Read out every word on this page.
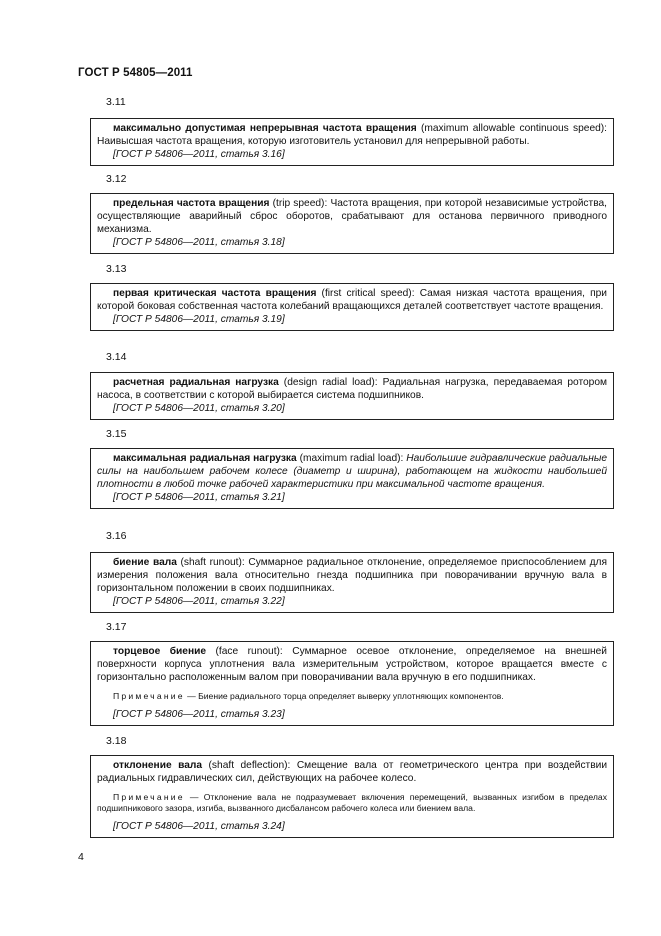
ГОСТ Р 54805—2011
3.11

максимально допустимая непрерывная частота вращения (maximum allowable continuous speed): Наивысшая частота вращения, которую изготовитель установил для непрерывной работы.

[ГОСТ Р 54806—2011, статья 3.16]

3.12

предельная частота вращения (trip speed): Частота вращения, при которой независимые устройства, осуществляющие аварийный сброс оборотов, срабатывают для останова первичного приводного механизма.

[ГОСТ Р 54806—2011, статья 3.18]

3.13

первая критическая частота вращения (first critical speed): Самая низкая частота вращения, при которой боковая собственная частота колебаний вращающихся деталей соответствует частоте вращения.

[ГОСТ Р 54806—2011, статья 3.19]

3.14

расчетная радиальная нагрузка (design radial load): Радиальная нагрузка, передаваемая ротором насоса, в соответствии с которой выбирается система подшипников.

[ГОСТ Р 54806—2011, статья 3.20]

3.15

максимальная радиальная нагрузка (maximum radial load): Наибольшие гидравлические радиальные силы на наибольшем рабочем колесе (диаметр и ширина), работающем на жидкости наибольшей плотности в любой точке рабочей характеристики при максимальной частоте вращения.

[ГОСТ Р 54806—2011, статья 3.21]

3.16

биение вала (shaft runout): Суммарное радиальное отклонение, определяемое приспособлением для измерения положения вала относительно гнезда подшипника при поворачивании вручную вала в горизонтальном положении в своих подшипниках.

[ГОСТ Р 54806—2011, статья 3.22]

3.17

торцевое биение (face runout): Суммарное осевое отклонение, определяемое на внешней поверхности корпуса уплотнения вала измерительным устройством, которое вращается вместе с горизонтально расположенным валом при поворачивании вала вручную в его подшипниках.

Примечание — Биение радиального торца определяет выверку уплотняющих компонентов.

[ГОСТ Р 54806—2011, статья 3.23]

3.18

отклонение вала (shaft deflection): Смещение вала от геометрического центра при воздействии радиальных гидравлических сил, действующих на рабочее колесо.

Примечание — Отклонение вала не подразумевает включения перемещений, вызванных изгибом в пределах подшипникового зазора, изгиба, вызванного дисбалансом рабочего колеса или биением вала.

[ГОСТ Р 54806—2011, статья 3.24]

4
